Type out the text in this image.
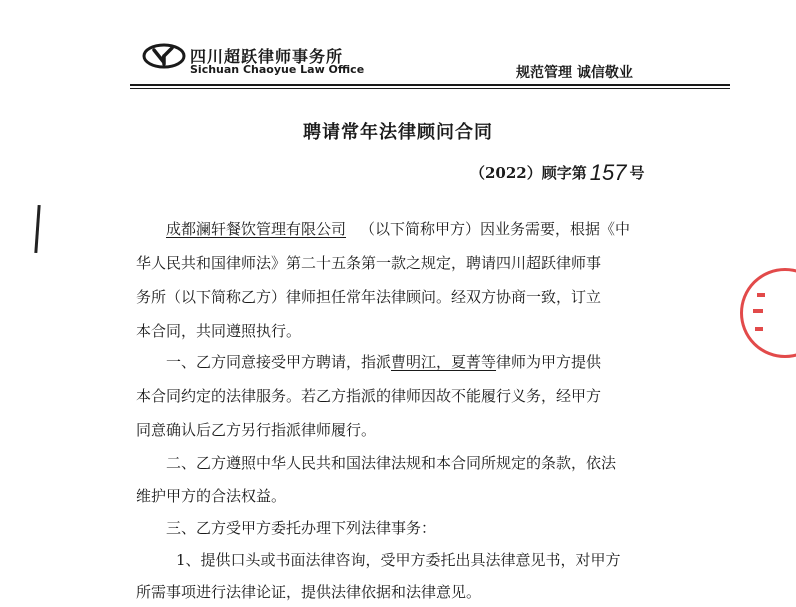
四川超跃律师事务所
Sichuan Chaoyue Law Office	规范管理 诚信敬业
聘请常年法律顾问合同
（2022）顾字第 157 号
成都澜轩餐饮管理有限公司 （以下简称甲方）因业务需要，根据《中
华人民共和国律师法》第二十五条第一款之规定，聘请四川超跃律师事
务所（以下简称乙方）律师担任常年法律顾问。经双方协商一致，订立
本合同，共同遵照执行。
一、乙方同意接受甲方聘请，指派曹明江，夏菁等律师为甲方提供
本合同约定的法律服务。若乙方指派的律师因故不能履行义务，经甲方
同意确认后乙方另行指派律师履行。
二、乙方遵照中华人民共和国法律法规和本合同所规定的条款，依法
维护甲方的合法权益。
三、乙方受甲方委托办理下列法律事务：
1、提供口头或书面法律咨询，受甲方委托出具法律意见书，对甲方
所需事项进行法律论证，提供法律依据和法律意见。
